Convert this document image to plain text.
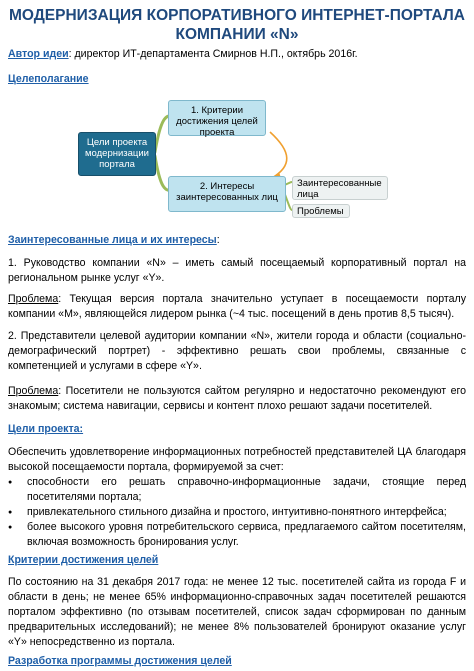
МОДЕРНИЗАЦИЯ КОРПОРАТИВНОГО ИНТЕРНЕТ-ПОРТАЛА КОМПАНИИ «N»

Автор идеи: директор ИТ-департамента Смирнов Н.П., октябрь 2016г.

Целеполагание

Цели проекта модернизации портала
1. Критерии достижения целей проекта
2. Интересы заинтересованных лиц
Заинтересованные лица
Проблемы

Заинтересованные лица и их интересы:

1. Руководство компании «N» – иметь самый посещаемый корпоративный портал на региональном рынке услуг «Y».

Проблема: Текущая версия портала значительно уступает в посещаемости порталу компании «M», являющейся лидером рынка (~4 тыс. посещений в день против 8,5 тысяч).

2. Представители целевой аудитории компании «N», жители города и области (социально-демографический портрет) - эффективно решать свои проблемы, связанные с компетенцией и услугами в сфере «Y».

Проблема: Посетители не пользуются сайтом регулярно и недостаточно рекомендуют его знакомым; система навигации, сервисы и контент плохо решают задачи посетителей.

Цели проекта:

Обеспечить удовлетворение информационных потребностей представителей ЦА благодаря высокой посещаемости портала, формируемой за счет:

● способности его решать справочно-информационные задачи, стоящие перед посетителями портала;
● привлекательного стильного дизайна и простого, интуитивно-понятного интерфейса;
● более высокого уровня потребительского сервиса, предлагаемого сайтом посетителям, включая возможность бронирования услуг.

Критерии достижения целей

По состоянию на 31 декабря 2017 года: не менее 12 тыс. посетителей сайта из города F и области в день; не менее 65% информационно-справочных задач посетителей решаются порталом эффективно (по отзывам посетителей, список задач сформирован по данным предварительных исследований); не менее 8% пользователей бронируют оказание услуг «Y» непосредственно из портала.

Разработка программы достижения целей
